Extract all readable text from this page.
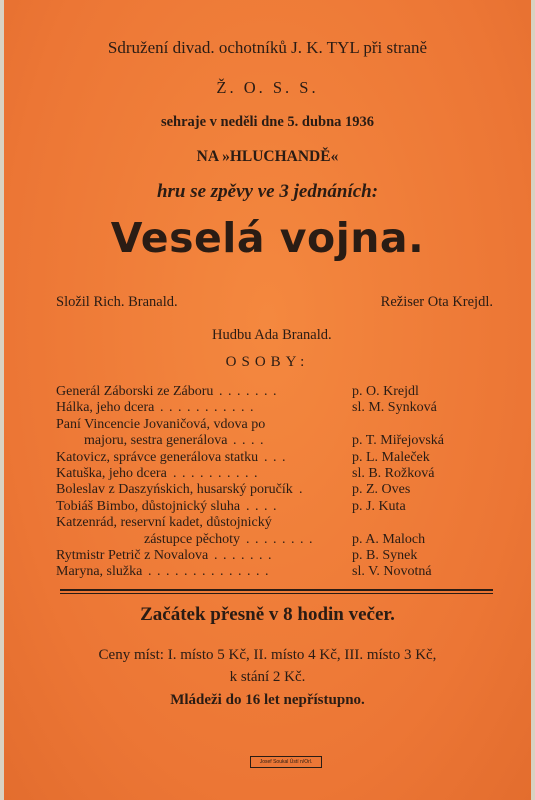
Sdružení divad. ochotníků J. K. TYL při straně
Ž. O. S. S.
sehraje v neděli dne 5. dubna 1936
NA »HLUCHANDĚ«
hru se zpěvy ve 3 jednáních:
Veselá vojna.
Složil Rich. Branald.	Režiser Ota Krejdl.
Hudbu Ada Branald.
OSOBY:
Generál Záborski ze Záboru . . . . . . .	p. O. Krejdl
Hálka, jeho dcera . . . . . . . . . . .	sl. M. Synková
Paní Vincencie Jovaničová, vdova po
majoru, sestra generálova . . . .	p. T. Miřejovská
Katovicz, správce generálova statku . . .	p. L. Maleček
Katuška, jeho dcera . . . . . . . . . .	sl. B. Rožková
Boleslav z Daszyńskich, husarský poručík .	p. Z. Oves
Tobiáš Bimbo, důstojnický sluha . . . .	p. J. Kuta
Katzenrád, reservní kadet, důstojnický
zástupce pěchoty . . . . . . . .	p. A. Maloch
Rytmistr Petrič z Novalova . . . . . . .	p. B. Synek
Maryna, služka . . . . . . . . . . . . . .	sl. V. Novotná
Začátek přesně v 8 hodin večer.
Ceny míst: I. místo 5 Kč, II. místo 4 Kč, III. místo 3 Kč,
k stání 2 Kč.
Mládeži do 16 let nepřístupno.
Josef Soukal Ústí n/Orl.
